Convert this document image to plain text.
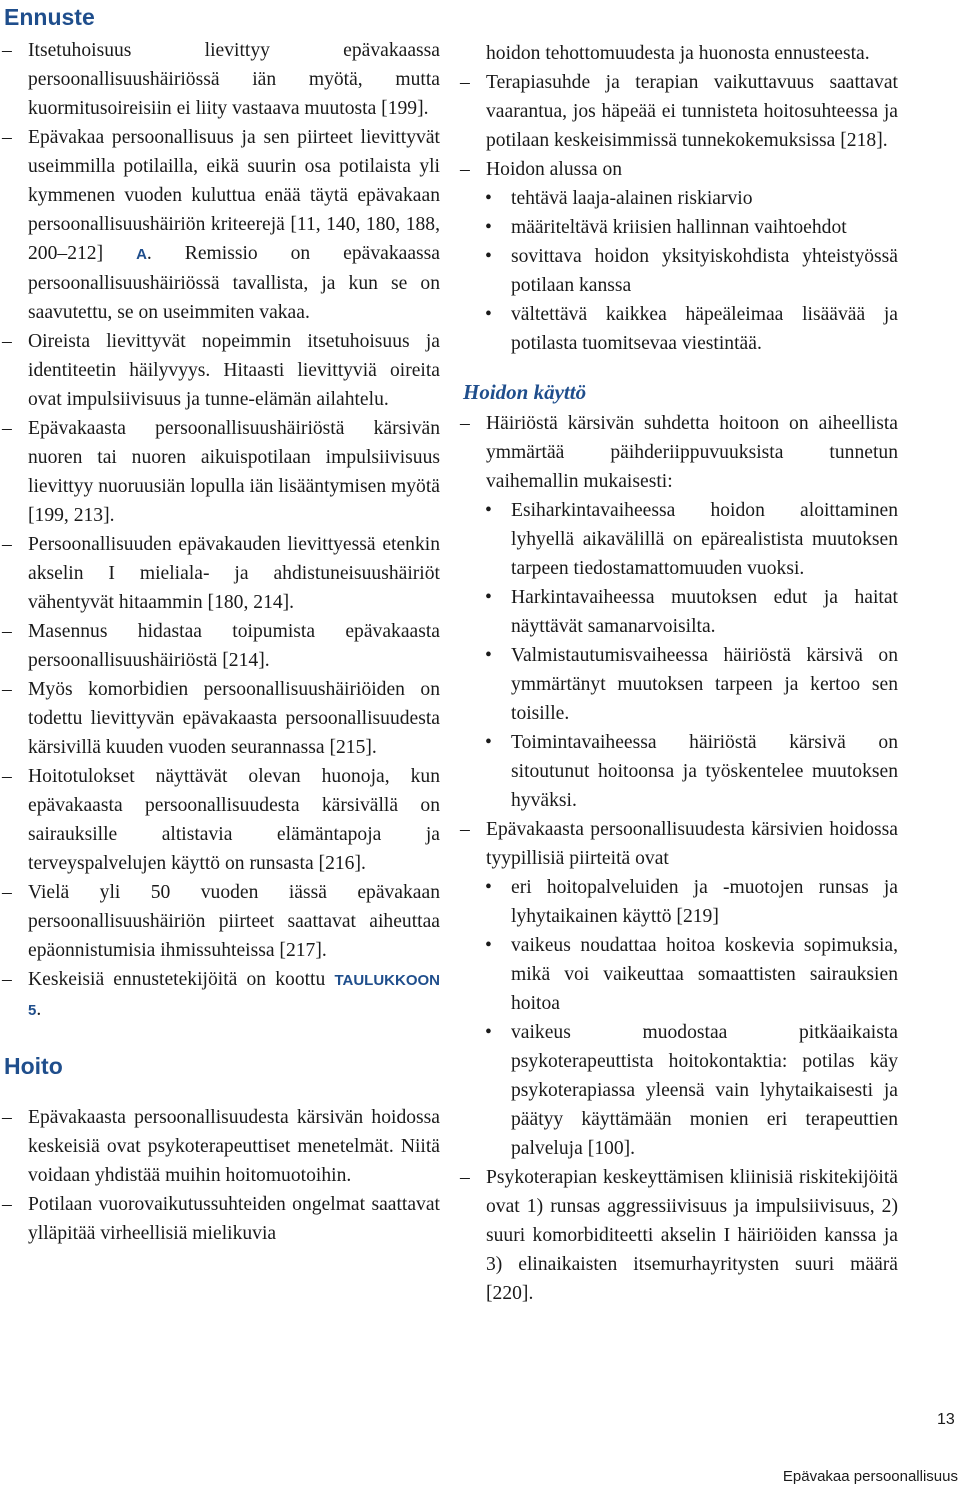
Ennuste
– Itsetuhoisuus lievittyy epävakaassa persoonallisuushäiriössä iän myötä, mutta kuormitusoireisiin ei liity vastaava muutosta [199].
– Epävakaa persoonallisuus ja sen piirteet lievittyvät useimmilla potilailla, eikä suurin osa potilaista yli kymmenen vuoden kuluttua enää täytä epävakaan persoonallisuushäiriön kriteerejä [11, 140, 180, 188, 200–212] A. Remissio on epävakaassa persoonallisuushäiriössä tavallista, ja kun se on saavutettu, se on useimmiten vakaa.
– Oireista lievittyvät nopeimmin itsetuhoisuus ja identiteetin häilyvyys. Hitaasti lievittyviä oireita ovat impulsiivisuus ja tunne-elämän ailahtelu.
– Epävakaasta persoonallisuushäiriöstä kärsivän nuoren tai nuoren aikuispotilaan impulsiivisuus lievittyy nuoruusiän lopulla iän lisääntymisen myötä [199, 213].
– Persoonallisuuden epävakauden lievittyessä etenkin akselin I mieliala- ja ahdistuneisuushäiriöt vähentyvät hitaammin [180, 214].
– Masennus hidastaa toipumista epävakaasta persoonallisuushäiriöstä [214].
– Myös komorbidien persoonallisuushäiriöiden on todettu lievittyvän epävakaasta persoonallisuudesta kärsivillä kuuden vuoden seurannassa [215].
– Hoitotulokset näyttävät olevan huonoja, kun epävakaasta persoonallisuudesta kärsivällä on sairauksille altistavia elämäntapoja ja terveyspalvelujen käyttö on runsasta [216].
– Vielä yli 50 vuoden iässä epävakaan persoonallisuushäiriön piirteet saattavat aiheuttaa epäonnistumisia ihmissuhteissa [217].
– Keskeisiä ennustetekijöitä on koottu TAULUKKOON 5.
Hoito
– Epävakaasta persoonallisuudesta kärsivän hoidossa keskeisiä ovat psykoterapeuttiset menetelmät. Niitä voidaan yhdistää muihin hoitomuotoihin.
– Potilaan vuorovaikutussuhteiden ongelmat saattavat ylläpitää virheellisiä mielikuvia
hoidon tehottomuudesta ja huonosta ennusteesta.
– Terapiasuhde ja terapian vaikuttavuus saattavat vaarantua, jos häpeää ei tunnisteta hoitosuhteessa ja potilaan keskeisimmissä tunnekokemuksissa [218].
– Hoidon alussa on
• tehtävä laaja-alainen riskiarvio
• määriteltävä kriisien hallinnan vaihtoehdot
• sovittava hoidon yksityiskohdista yhteistyössä potilaan kanssa
• vältettävä kaikkea häpeäleimaa lisäävää ja potilasta tuomitsevaa viestintää.
Hoidon käyttö
– Häiriöstä kärsivän suhdetta hoitoon on aiheellista ymmärtää päihderiippuvuuksista tunnetun vaihemallin mukaisesti:
• Esiharkintavaiheessa hoidon aloittaminen lyhyellä aikavälillä on epärealistista muutoksen tarpeen tiedostamattomuuden vuoksi.
• Harkintavaiheessa muutoksen edut ja haitat näyttävät samanarvoisilta.
• Valmistautumisvaiheessa häiriöstä kärsivä on ymmärtänyt muutoksen tarpeen ja kertoo sen toisille.
• Toimintavaiheessa häiriöstä kärsivä on sitoutunut hoitoonsa ja työskentelee muutoksen hyväksi.
– Epävakaasta persoonallisuudesta kärsivien hoidossa tyypillisiä piirteitä ovat
• eri hoitopalveluiden ja -muotojen runsas ja lyhytaikainen käyttö [219]
• vaikeus noudattaa hoitoa koskevia sopimuksia, mikä voi vaikeuttaa somaattisten sairauksien hoitoa
• vaikeus muodostaa pitkäaikaista psykoterapeuttista hoitokontaktia: potilas käy psykoterapiassa yleensä vain lyhytaikaisesti ja päätyy käyttämään monien eri terapeuttien palveluja [100].
– Psykoterapian keskeyttämisen kliinisiä riskitekijöitä ovat 1) runsas aggressiivisuus ja impulsiivisuus, 2) suuri komorbiditeetti akselin I häiriöiden kanssa ja 3) elinaikaisten itsemurhayritysten suuri määrä [220].
13
Epävakaa persoonallisuus
